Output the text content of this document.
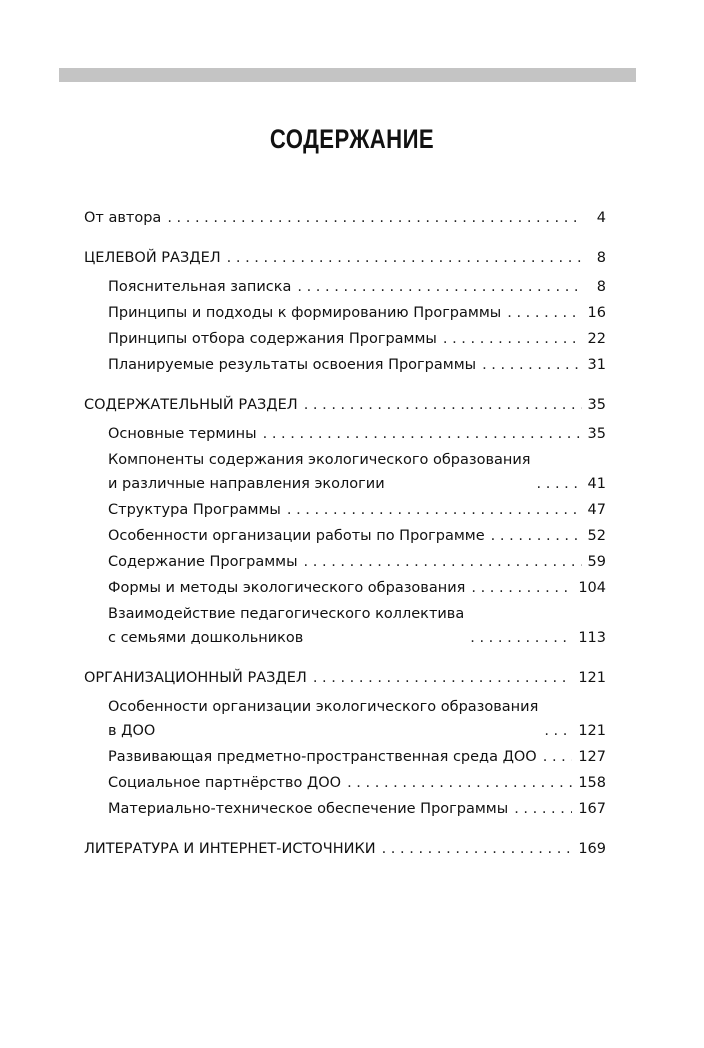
СОДЕРЖАНИЕ
От автора . . .	4
ЦЕЛЕВОЙ РАЗДЕЛ . . .	8
Пояснительная записка . . .	8
Принципы и подходы к формированию Программы . . .	16
Принципы отбора содержания Программы . . .	22
Планируемые результаты освоения Программы . . .	31
СОДЕРЖАТЕЛЬНЫЙ РАЗДЕЛ . . .	35
Основные термины . . .	35
Компоненты содержания экологического образования
и различные направления экологии . . .	41
Структура Программы . . .	47
Особенности организации работы по Программе . . .	52
Содержание Программы . . .	59
Формы и методы экологического образования . . .	104
Взаимодействие педагогического коллектива
с семьями дошкольников . . .	113
ОРГАНИЗАЦИОННЫЙ РАЗДЕЛ . . .	121
Особенности организации экологического образования
в ДОО . . .	121
Развивающая предметно-пространственная среда ДОО . . .	127
Социальное партнёрство ДОО . . .	158
Материально-техническое обеспечение Программы . . .	167
ЛИТЕРАТУРА И ИНТЕРНЕТ-ИСТОЧНИКИ . . .	169
